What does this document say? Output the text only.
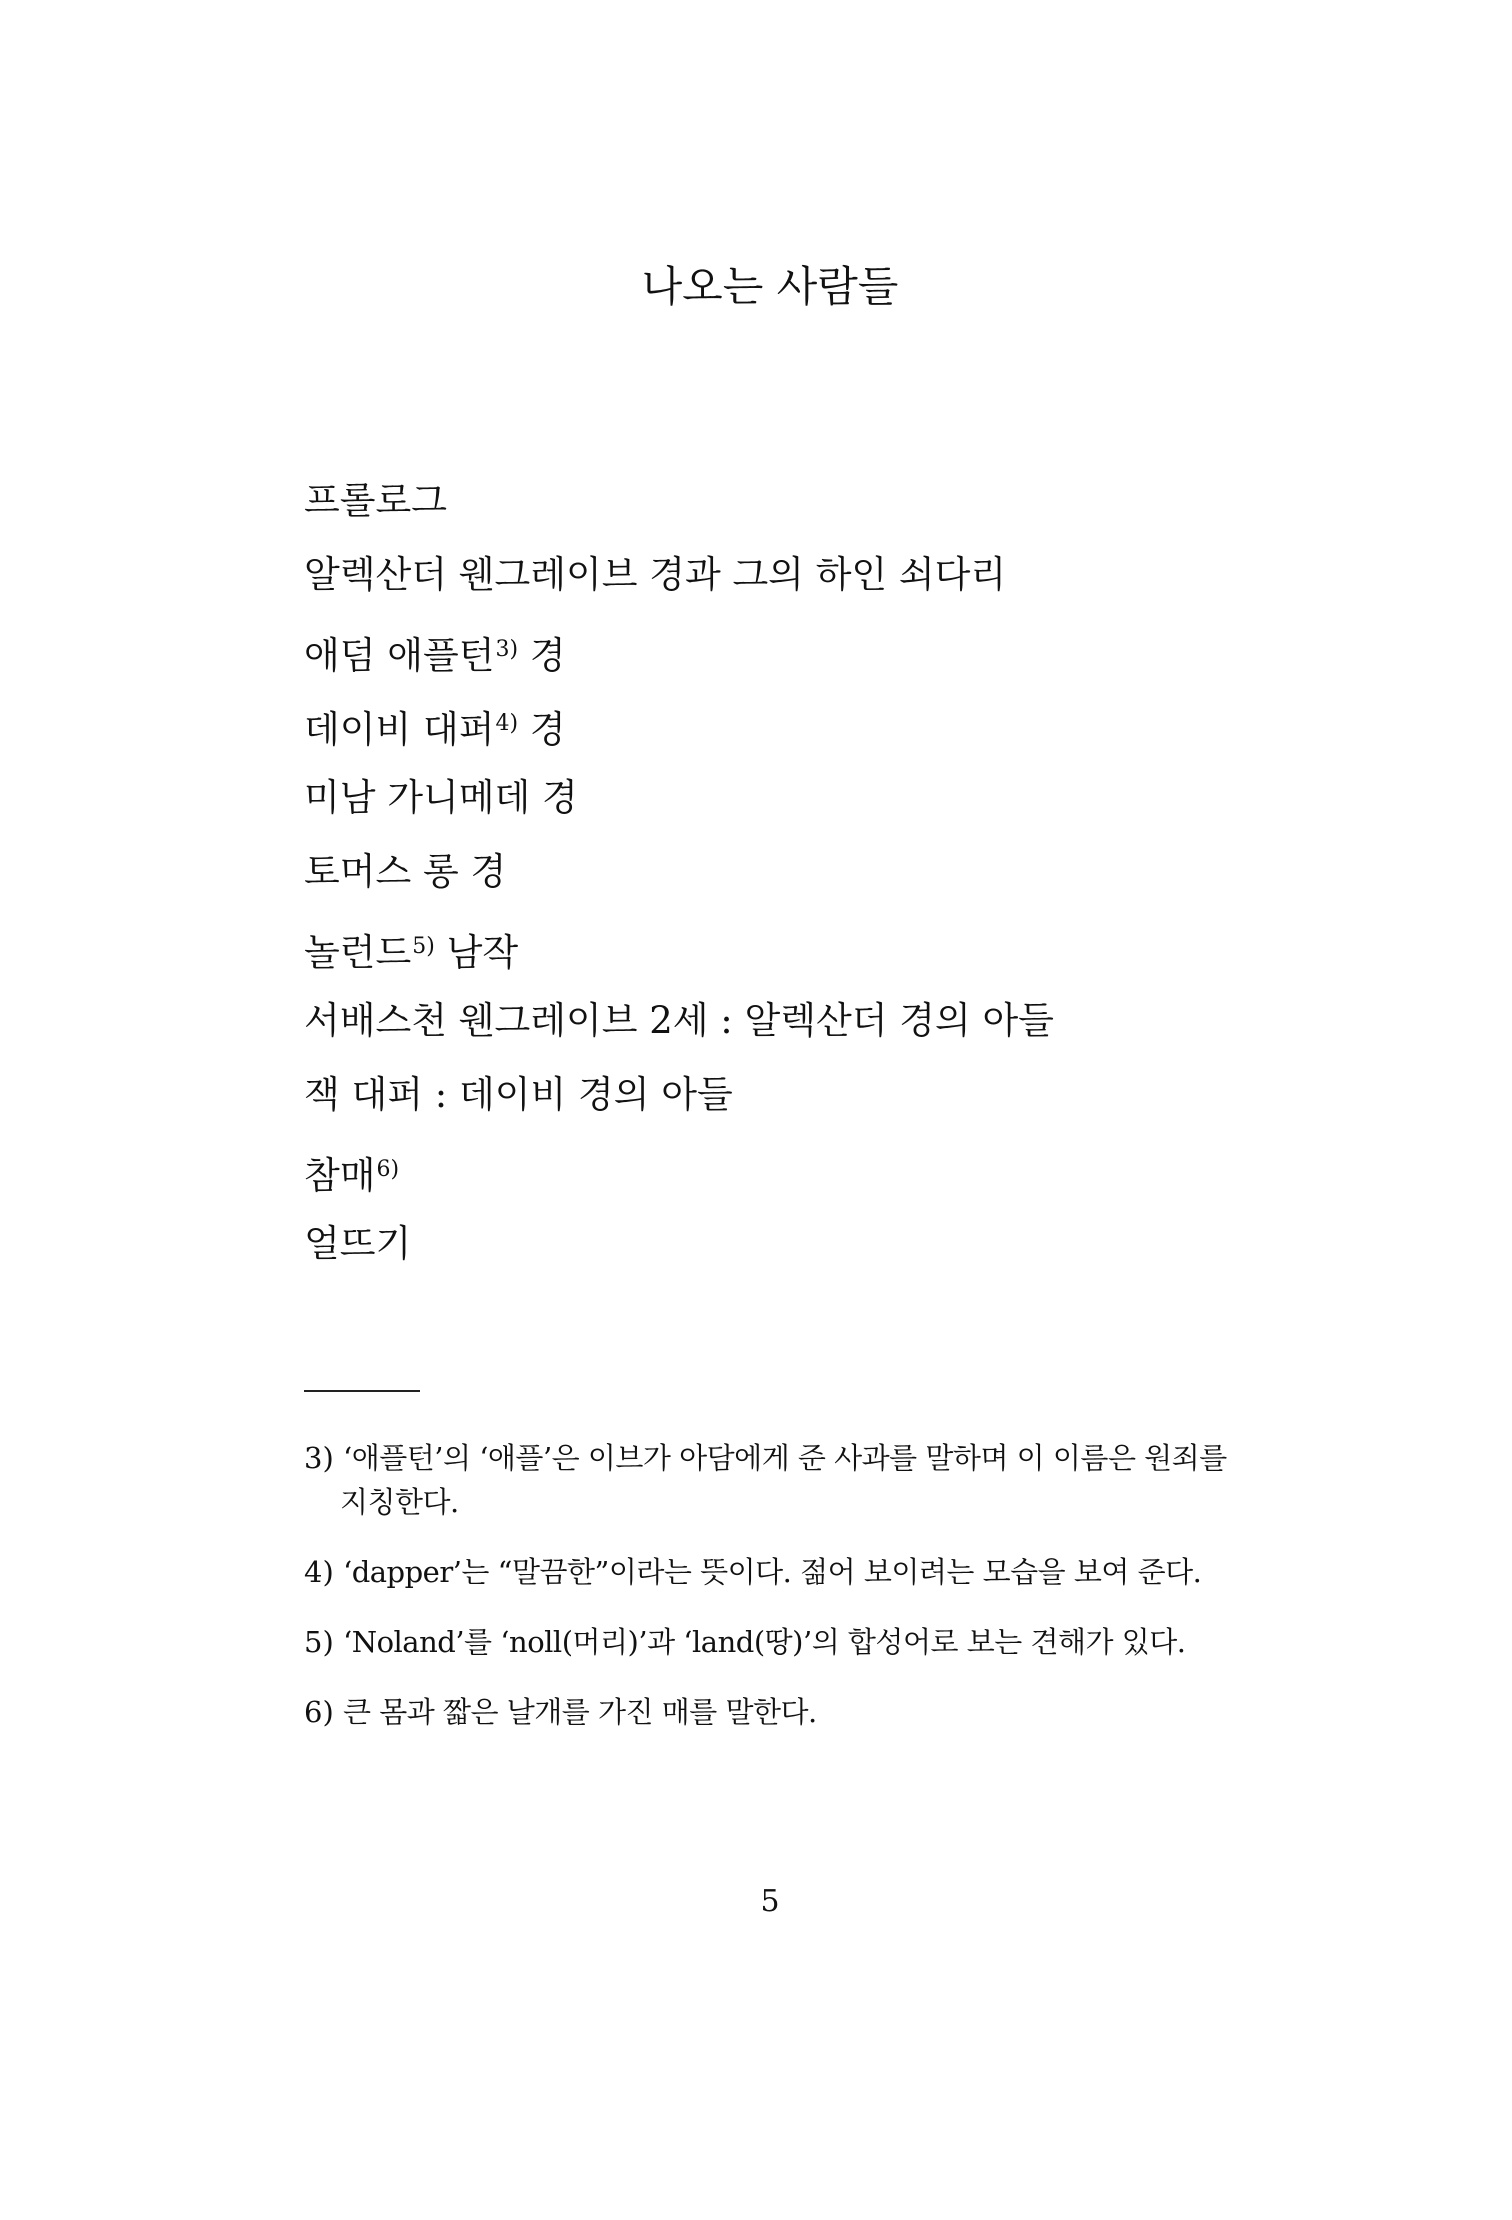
나오는 사람들
프롤로그
알렉산더 웬그레이브 경과 그의 하인 쇠다리
애덤 애플턴$^{3)}$ 경
데이비 대퍼$^{4)}$ 경
미남 가니메데 경
토머스 롱 경
놀런드$^{5)}$ 남작
서배스천 웬그레이브 2세 : 알렉산더 경의 아들
잭 대퍼 : 데이비 경의 아들
참매$^{6)}$
얼뜨기
3) ‘애플턴’의 ‘애플’은 이브가 아담에게 준 사과를 말하며 이 이름은 원죄를 지칭한다.
4) ‘dapper’는 “말끔한”이라는 뜻이다. 젊어 보이려는 모습을 보여 준다.
5) ‘Noland’를 ‘noll(머리)’과 ‘land(땅)’의 합성어로 보는 견해가 있다.
6) 큰 몸과 짧은 날개를 가진 매를 말한다.
5
